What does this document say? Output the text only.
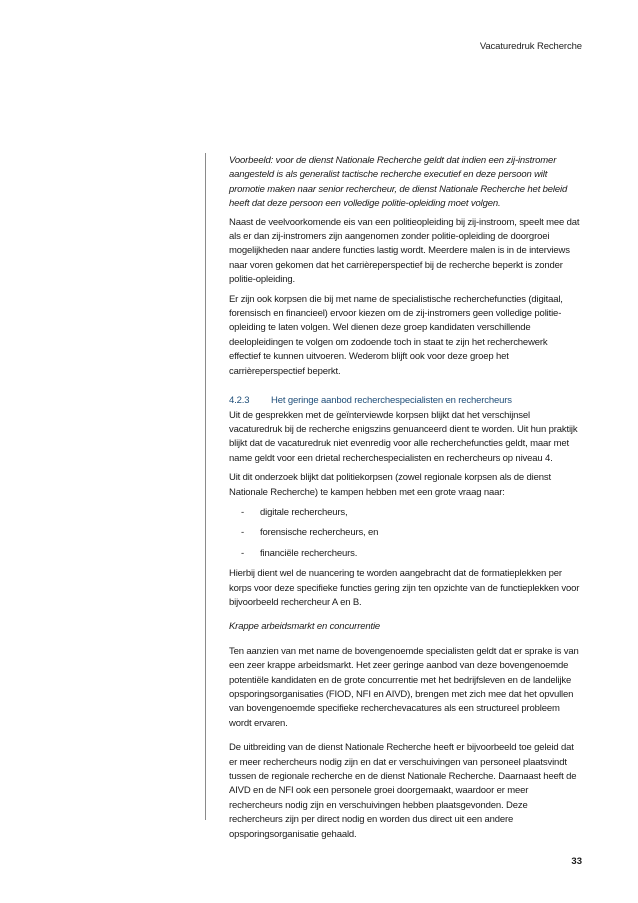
Vacaturedruk Recherche

Voorbeeld: voor de dienst Nationale Recherche geldt dat indien een zij-instromer aangesteld is als generalist tactische recherche executief en deze persoon wilt promotie maken naar senior rechercheur, de dienst Nationale Recherche het beleid heeft dat deze persoon een volledige politie-opleiding moet volgen.

Naast de veelvoorkomende eis van een politieopleiding bij zij-instroom, speelt mee dat als er dan zij-instromers zijn aangenomen zonder politie-opleiding de doorgroei mogelijkheden naar andere functies lastig wordt. Meerdere malen is in de interviews naar voren gekomen dat het carrièreperspectief bij de recherche beperkt is zonder politie-opleiding.

Er zijn ook korpsen die bij met name de specialistische recherchefuncties (digitaal, forensisch en financieel) ervoor kiezen om de zij-instromers geen volledige politie-opleiding te laten volgen. Wel dienen deze groep kandidaten verschillende deelopleidingen te volgen om zodoende toch in staat te zijn het recherchewerk effectief te kunnen uitvoeren. Wederom blijft ook voor deze groep het carrièreperspectief beperkt.

4.2.3 Het geringe aanbod recherchespecialisten en rechercheurs

Uit de gesprekken met de geïnterviewde korpsen blijkt dat het verschijnsel vacaturedruk bij de recherche enigszins genuanceerd dient te worden. Uit hun praktijk blijkt dat de vacaturedruk niet evenredig voor alle recherchefuncties geldt, maar met name geldt voor een drietal recherchespecialisten en rechercheurs op niveau 4.

Uit dit onderzoek blijkt dat politiekorpsen (zowel regionale korpsen als de dienst Nationale Recherche) te kampen hebben met een grote vraag naar:

-	digitale rechercheurs,
-	forensische rechercheurs, en
-	financiële rechercheurs.

Hierbij dient wel de nuancering te worden aangebracht dat de formatieplekken per korps voor deze specifieke functies gering zijn ten opzichte van de functieplekken voor bijvoorbeeld rechercheur A en B.

Krappe arbeidsmarkt en concurrentie

Ten aanzien van met name de bovengenoemde specialisten geldt dat er sprake is van een zeer krappe arbeidsmarkt. Het zeer geringe aanbod van deze bovengenoemde potentiële kandidaten en de grote concurrentie met het bedrijfsleven en de landelijke opsporingsorganisaties (FIOD, NFI en AIVD), brengen met zich mee dat het opvullen van bovengenoemde specifieke recherchevacatures als een structureel probleem wordt ervaren.

De uitbreiding van de dienst Nationale Recherche heeft er bijvoorbeeld toe geleid dat er meer rechercheurs nodig zijn en dat er verschuivingen van personeel plaatsvindt tussen de regionale recherche en de dienst Nationale Recherche. Daarnaast heeft de AIVD en de NFI ook een personele groei doorgemaakt, waardoor er meer rechercheurs nodig zijn en verschuivingen hebben plaatsgevonden. Deze rechercheurs zijn per direct nodig en worden dus direct uit een andere opsporingsorganisatie gehaald.

33
